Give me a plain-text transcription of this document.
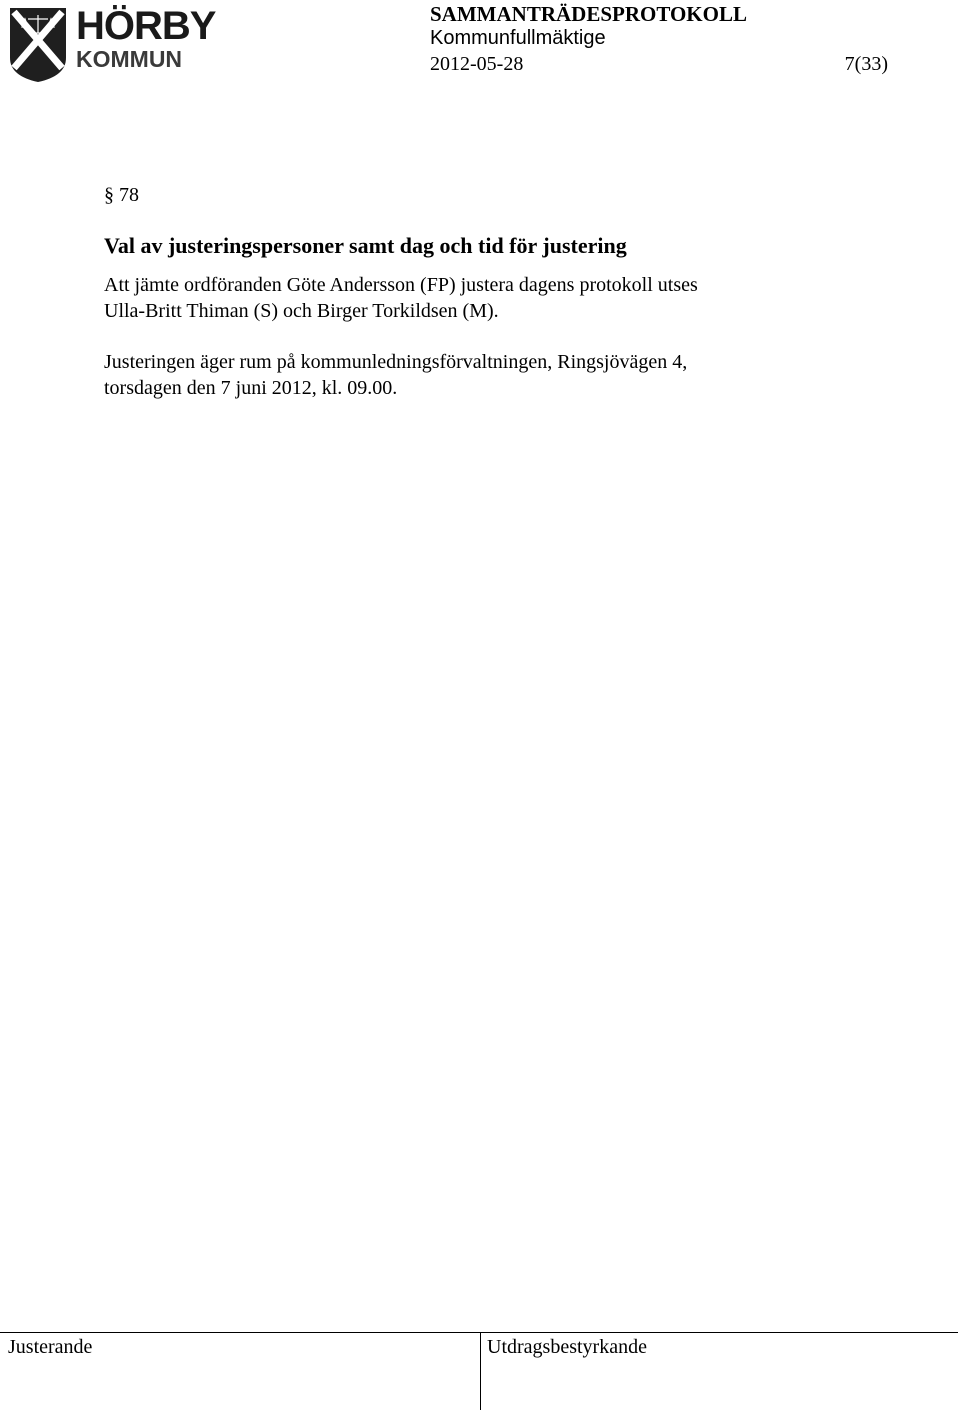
HÖRBY
KOMMUN
SAMMANTRÄDESPROTOKOLL
Kommunfullmäktige
2012-05-28	7(33)
§ 78
Val av justeringspersoner samt dag och tid för justering
Att jämte ordföranden Göte Andersson (FP) justera dagens protokoll utses
Ulla-Britt Thiman (S) och Birger Torkildsen (M).
Justeringen äger rum på kommunledningsförvaltningen, Ringsjövägen 4,
torsdagen den 7 juni 2012, kl. 09.00.
Justerande	Utdragsbestyrkande
